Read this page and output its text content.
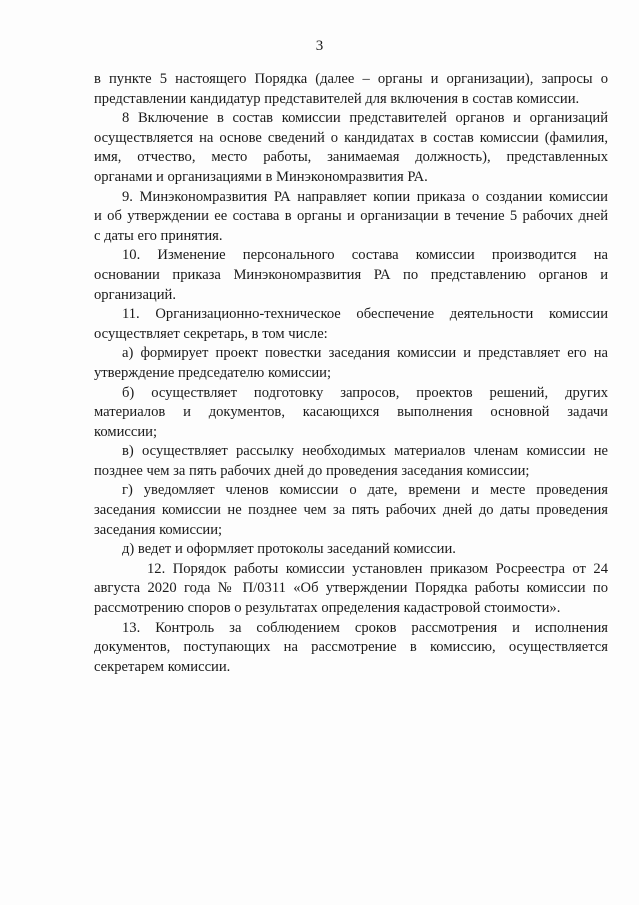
3
в пункте 5 настоящего Порядка (далее – органы и организации), запросы о
представлении кандидатур представителей для включения в состав комиссии.
8 Включение в состав комиссии представителей органов и организаций
осуществляется на основе сведений о кандидатах в состав комиссии (фамилия,
имя, отчество, место работы, занимаемая должность), представленных
органами и организациями в Минэкономразвития РА.
9. Минэкономразвития РА направляет копии приказа о создании комиссии
и об утверждении ее состава в органы и организации в течение 5 рабочих дней
с даты его принятия.
10. Изменение персонального состава комиссии производится на
основании приказа Минэкономразвития РА по представлению органов и
организаций.
11. Организационно-техническое обеспечение деятельности комиссии
осуществляет секретарь, в том числе:
а) формирует проект повестки заседания комиссии и представляет его на
утверждение председателю комиссии;
б) осуществляет подготовку запросов, проектов решений, других
материалов и документов, касающихся выполнения основной задачи
комиссии;
в) осуществляет рассылку необходимых материалов членам комиссии не
позднее чем за пять рабочих дней до проведения заседания комиссии;
г) уведомляет членов комиссии о дате, времени и месте проведения
заседания комиссии не позднее чем за пять рабочих дней до даты проведения
заседания комиссии;
д) ведет и оформляет протоколы заседаний комиссии.
12. Порядок работы комиссии установлен приказом Росреестра от 24
августа 2020 года № П/0311 «Об утверждении Порядка работы комиссии по
рассмотрению споров о результатах определения кадастровой стоимости».
13. Контроль за соблюдением сроков рассмотрения и исполнения
документов, поступающих на рассмотрение в комиссию, осуществляется
секретарем комиссии.
